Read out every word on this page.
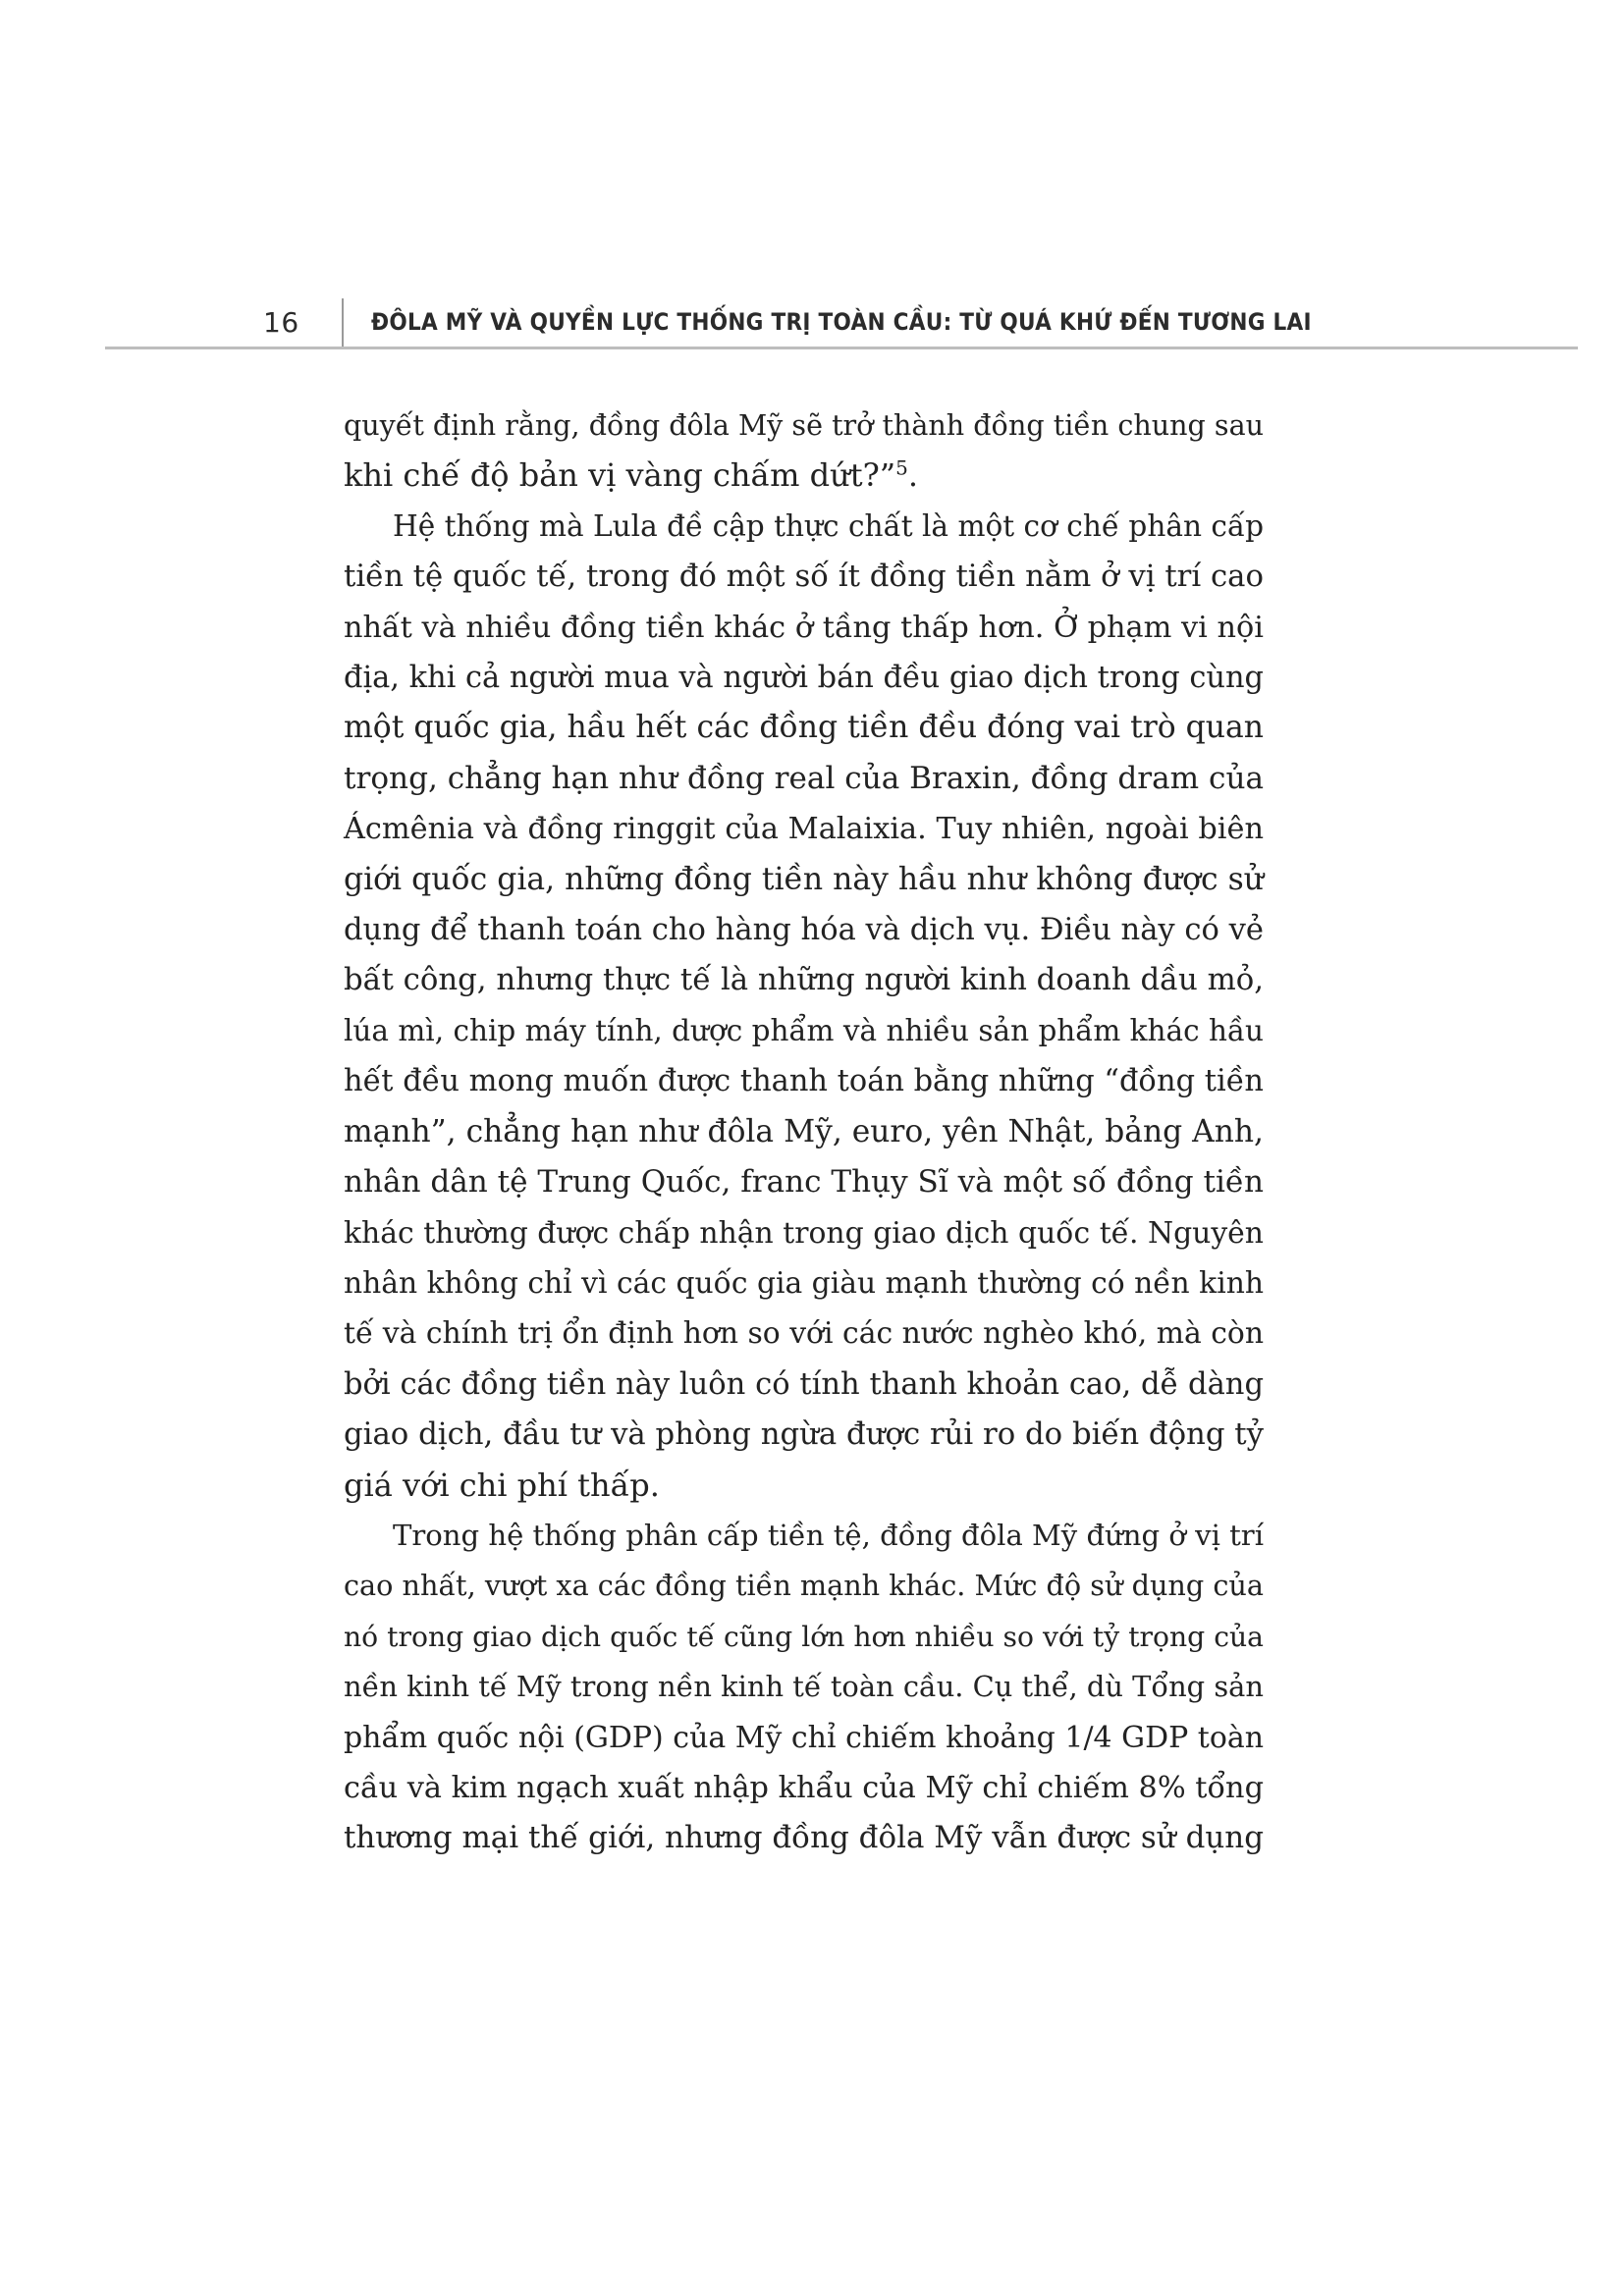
16	ĐÔLA MỸ VÀ QUYỀN LỰC THỐNG TRỊ TOÀN CẦU: TỪ QUÁ KHỨ ĐẾN TƯƠNG LAI
quyết định rằng, đồng đôla Mỹ sẽ trở thành đồng tiền chung sau
khi chế độ bản vị vàng chấm dứt?”$^5$.
Hệ thống mà Lula đề cập thực chất là một cơ chế phân cấp
tiền tệ quốc tế, trong đó một số ít đồng tiền nằm ở vị trí cao
nhất và nhiều đồng tiền khác ở tầng thấp hơn. Ở phạm vi nội
địa, khi cả người mua và người bán đều giao dịch trong cùng
một quốc gia, hầu hết các đồng tiền đều đóng vai trò quan
trọng, chẳng hạn như đồng real của Braxin, đồng dram của
Ácmênia và đồng ringgit của Malaixia. Tuy nhiên, ngoài biên
giới quốc gia, những đồng tiền này hầu như không được sử
dụng để thanh toán cho hàng hóa và dịch vụ. Điều này có vẻ
bất công, nhưng thực tế là những người kinh doanh dầu mỏ,
lúa mì, chip máy tính, dược phẩm và nhiều sản phẩm khác hầu
hết đều mong muốn được thanh toán bằng những “đồng tiền
mạnh”, chẳng hạn như đôla Mỹ, euro, yên Nhật, bảng Anh,
nhân dân tệ Trung Quốc, franc Thụy Sĩ và một số đồng tiền
khác thường được chấp nhận trong giao dịch quốc tế. Nguyên
nhân không chỉ vì các quốc gia giàu mạnh thường có nền kinh
tế và chính trị ổn định hơn so với các nước nghèo khó, mà còn
bởi các đồng tiền này luôn có tính thanh khoản cao, dễ dàng
giao dịch, đầu tư và phòng ngừa được rủi ro do biến động tỷ
giá với chi phí thấp.
Trong hệ thống phân cấp tiền tệ, đồng đôla Mỹ đứng ở vị trí
cao nhất, vượt xa các đồng tiền mạnh khác. Mức độ sử dụng của
nó trong giao dịch quốc tế cũng lớn hơn nhiều so với tỷ trọng của
nền kinh tế Mỹ trong nền kinh tế toàn cầu. Cụ thể, dù Tổng sản
phẩm quốc nội (GDP) của Mỹ chỉ chiếm khoảng 1/4 GDP toàn
cầu và kim ngạch xuất nhập khẩu của Mỹ chỉ chiếm 8% tổng
thương mại thế giới, nhưng đồng đôla Mỹ vẫn được sử dụng
